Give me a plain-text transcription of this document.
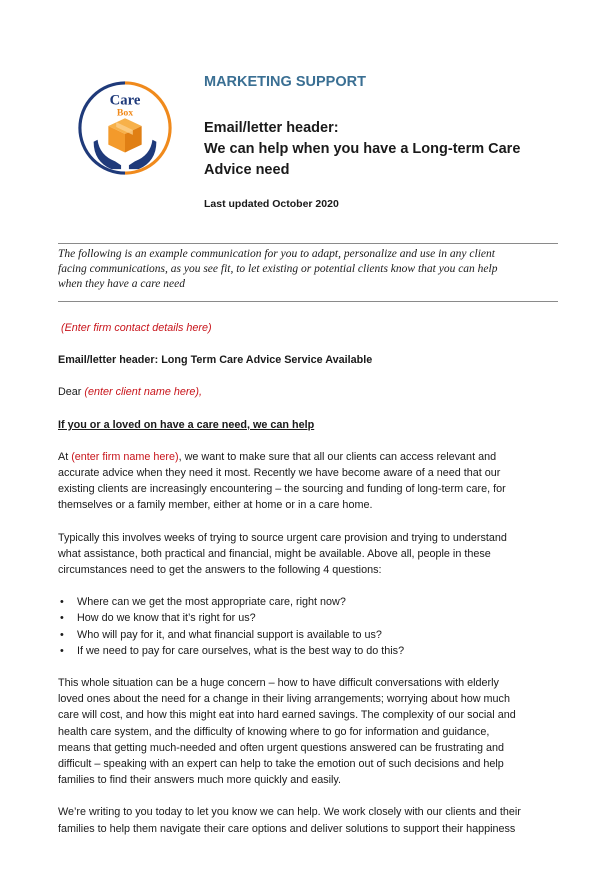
Care
Box

MARKETING SUPPORT

Email/letter header:
We can help when you have a Long-term Care
Advice need

Last updated October 2020

The following is an example communication for you to adapt, personalize and use in any client
facing communications, as you see fit, to let existing or potential clients know that you can help
when they have a care need

(Enter firm contact details here)

Email/letter header: Long Term Care Advice Service Available

Dear (enter client name here),

If you or a loved on have a care need, we can help

At (enter firm name here), we want to make sure that all our clients can access relevant and
accurate advice when they need it most. Recently we have become aware of a need that our
existing clients are increasingly encountering – the sourcing and funding of long-term care, for
themselves or a family member, either at home or in a care home.

Typically this involves weeks of trying to source urgent care provision and trying to understand
what assistance, both practical and financial, might be available. Above all, people in these
circumstances need to get the answers to the following 4 questions:

• Where can we get the most appropriate care, right now?
• How do we know that it’s right for us?
• Who will pay for it, and what financial support is available to us?
• If we need to pay for care ourselves, what is the best way to do this?

This whole situation can be a huge concern – how to have difficult conversations with elderly
loved ones about the need for a change in their living arrangements; worrying about how much
care will cost, and how this might eat into hard earned savings. The complexity of our social and
health care system, and the difficulty of knowing where to go for information and guidance,
means that getting much-needed and often urgent questions answered can be frustrating and
difficult – speaking with an expert can help to take the emotion out of such decisions and help
families to find their answers much more quickly and easily.

We’re writing to you today to let you know we can help. We work closely with our clients and their
families to help them navigate their care options and deliver solutions to support their happiness
